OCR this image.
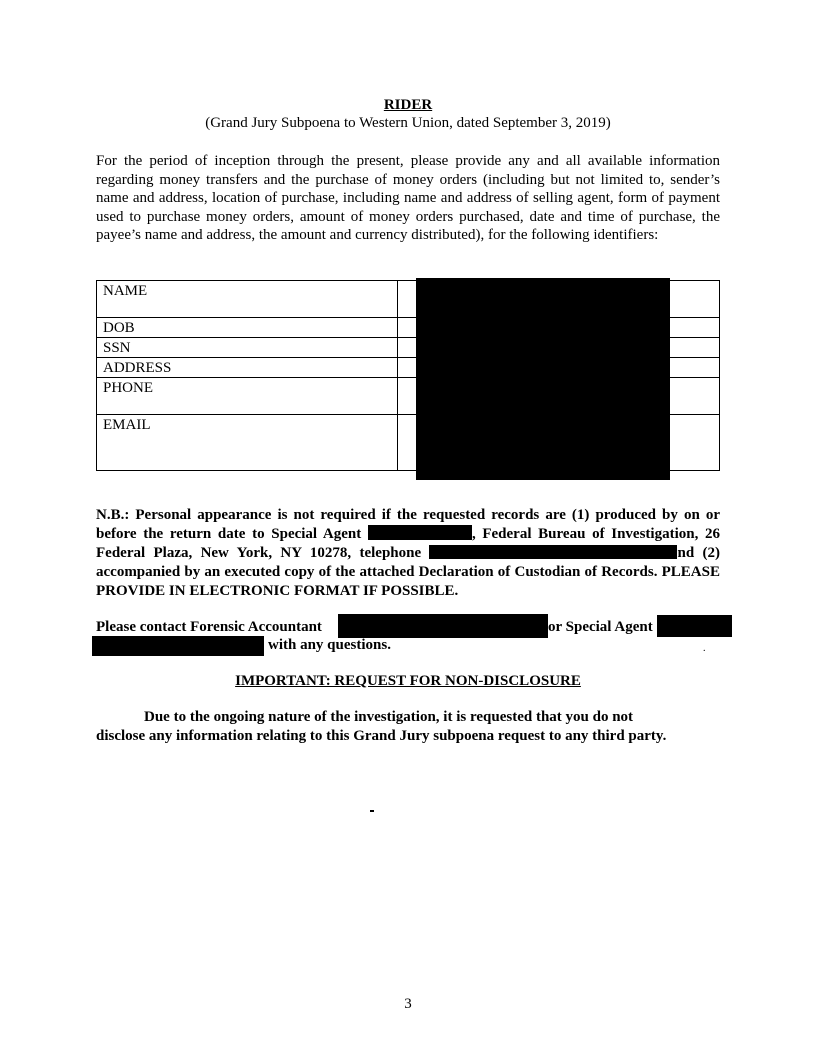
RIDER
(Grand Jury Subpoena to Western Union, dated September 3, 2019)
For the period of inception through the present, please provide any and all available information regarding money transfers and the purchase of money orders (including but not limited to, sender’s name and address, location of purchase, including name and address of selling agent, form of payment used to purchase money orders, amount of money orders purchased, date and time of purchase, the payee’s name and address, the amount and currency distributed), for the following identifiers:
NAME	
DOB	
SSN	
ADDRESS	
PHONE	
EMAIL	
N.B.: Personal appearance is not required if the requested records are (1) produced by on or before the return date to Special Agent	, Federal Bureau of Investigation, 26 Federal Plaza, New York, NY 10278, telephone	nd (2) accompanied by an executed copy of the attached Declaration of Custodian of Records. PLEASE PROVIDE IN ELECTRONIC FORMAT IF POSSIBLE.
Please contact Forensic Accountant	or Special Agent
with any questions.	.
IMPORTANT: REQUEST FOR NON-DISCLOSURE
Due to the ongoing nature of the investigation, it is requested that you do not
disclose any information relating to this Grand Jury subpoena request to any third party.
3
